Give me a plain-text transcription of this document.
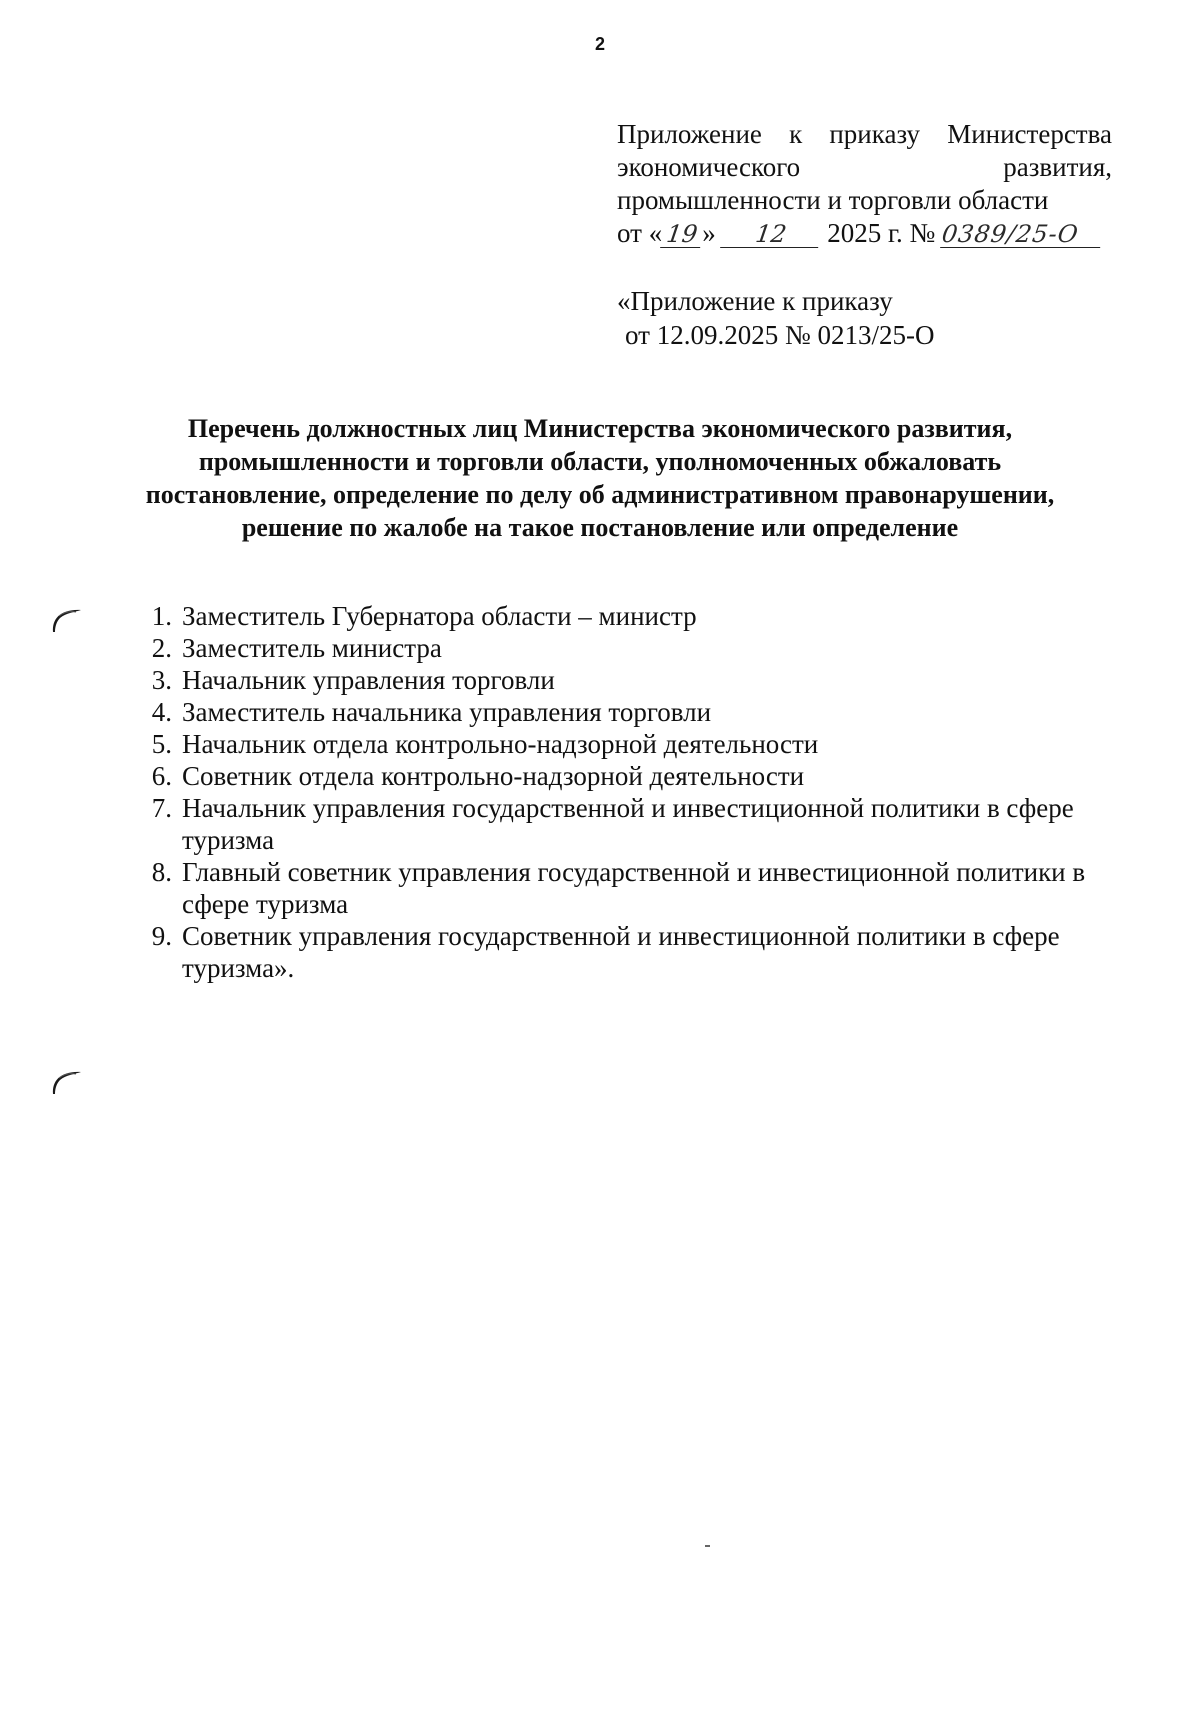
2
Приложение к приказу Министерства
экономического	развития,
промышленности и торговли области
от « 19» 12 2025 г. № 0389/25-О
«Приложение к приказу
от 12.09.2025 № 0213/25-О
Перечень должностных лиц Министерства экономического развития,
промышленности и торговли области, уполномоченных обжаловать
постановление, определение по делу об административном правонарушении,
решение по жалобе на такое постановление или определение
1. Заместитель Губернатора области – министр
2. Заместитель министра
3. Начальник управления торговли
4. Заместитель начальника управления торговли
5. Начальник отдела контрольно-надзорной деятельности
6. Советник отдела контрольно-надзорной деятельности
7. Начальник управления государственной и инвестиционной политики в сфере туризма
8. Главный советник управления государственной и инвестиционной политики в сфере туризма
9. Советник управления государственной и инвестиционной политики в сфере туризма».
